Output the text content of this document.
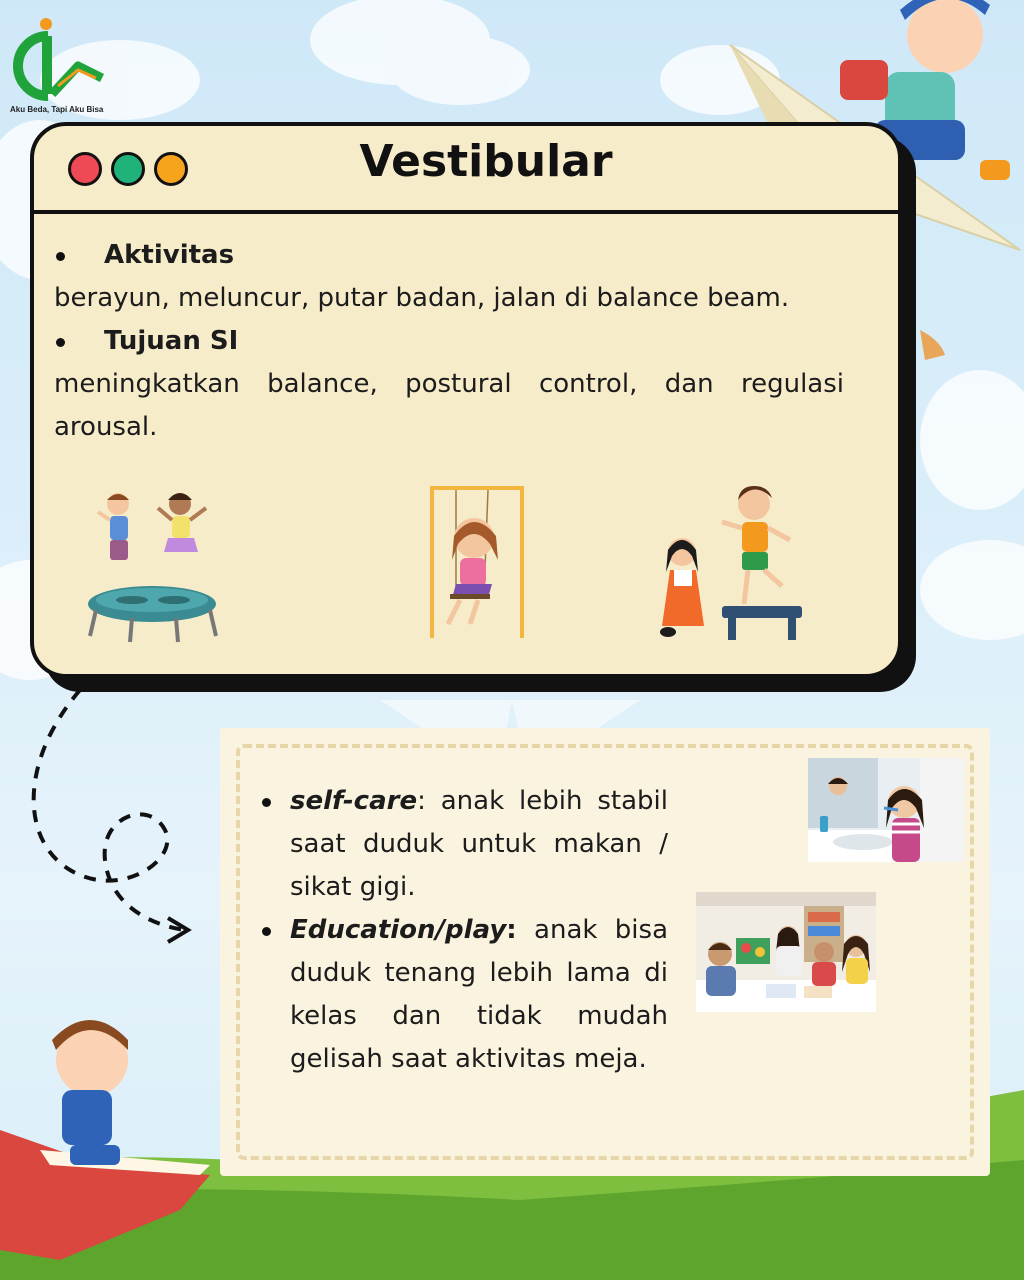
Aku Beda, Tapi Aku Bisa
Vestibular
Aktivitas
berayun, meluncur, putar badan, jalan di balance beam.
Tujuan SI
meningkatkan balance, postural control, dan regulasi arousal.
self-care: anak lebih stabil saat duduk untuk makan / sikat gigi.
Education/play: anak bisa duduk tenang lebih lama di kelas dan tidak mudah gelisah saat aktivitas meja.
